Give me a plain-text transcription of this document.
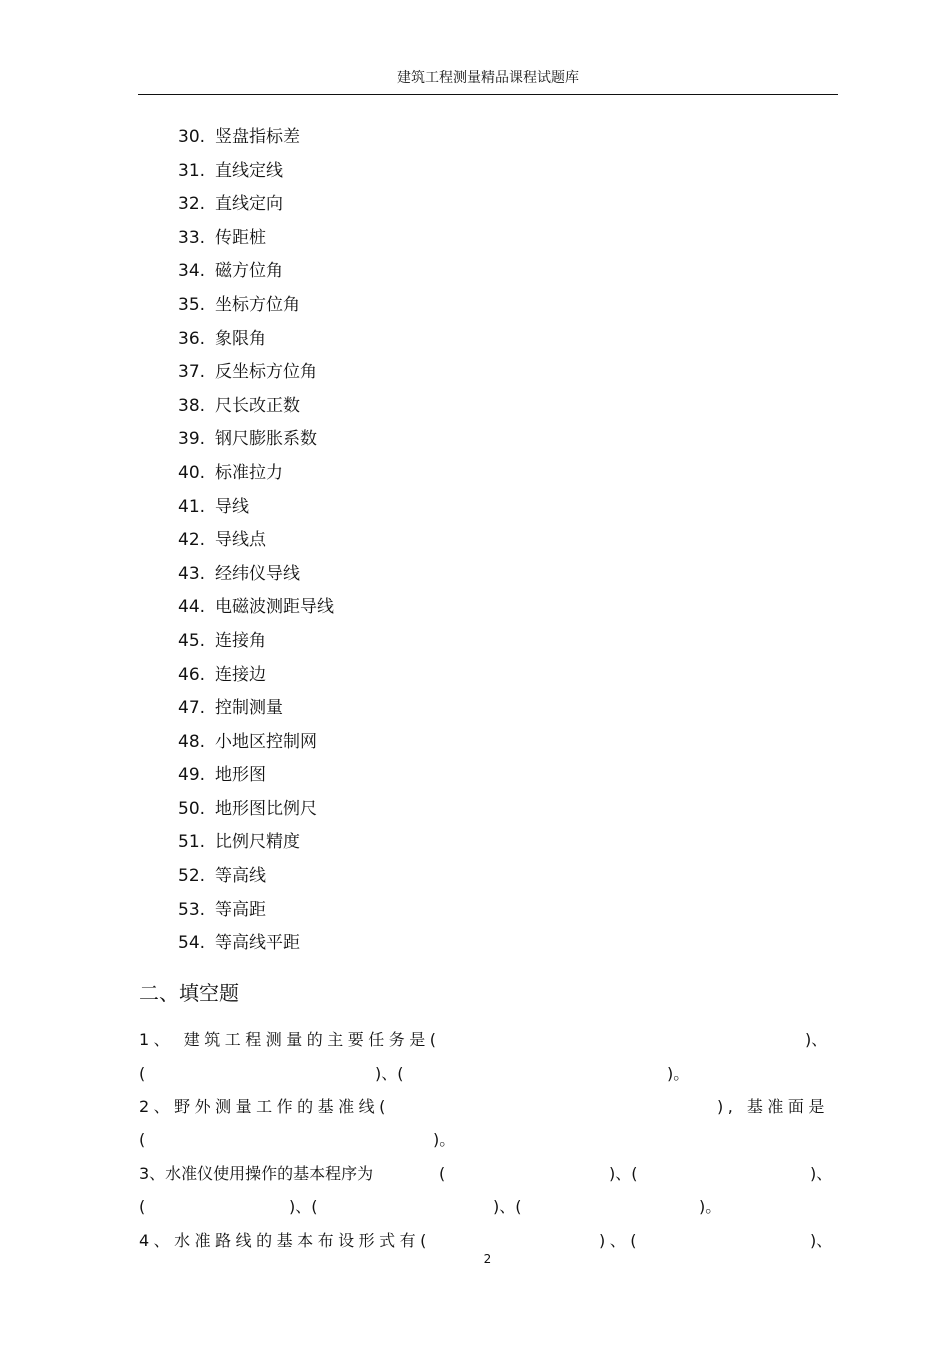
建筑工程测量精品课程试题库
30. 竖盘指标差
31. 直线定线
32. 直线定向
33. 传距桩
34. 磁方位角
35. 坐标方位角
36. 象限角
37. 反坐标方位角
38. 尺长改正数
39. 钢尺膨胀系数
40. 标准拉力
41. 导线
42. 导线点
43. 经纬仪导线
44. 电磁波测距导线
45. 连接角
46. 连接边
47. 控制测量
48. 小地区控制网
49. 地形图
50. 地形图比例尺
51. 比例尺精度
52. 等高线
53. 等高距
54. 等高线平距
二、填空题
1、 建筑工程测量的主要任务是(	)、
(	)、(	)。
2、野外测量工作的基准线(	), 基准面是
(	)。
3、水准仪使用操作的基本程序为	(	)、(	)、
(	)、(	)、(	)。
4、水准路线的基本布设形式有(	)、(	)、
2
